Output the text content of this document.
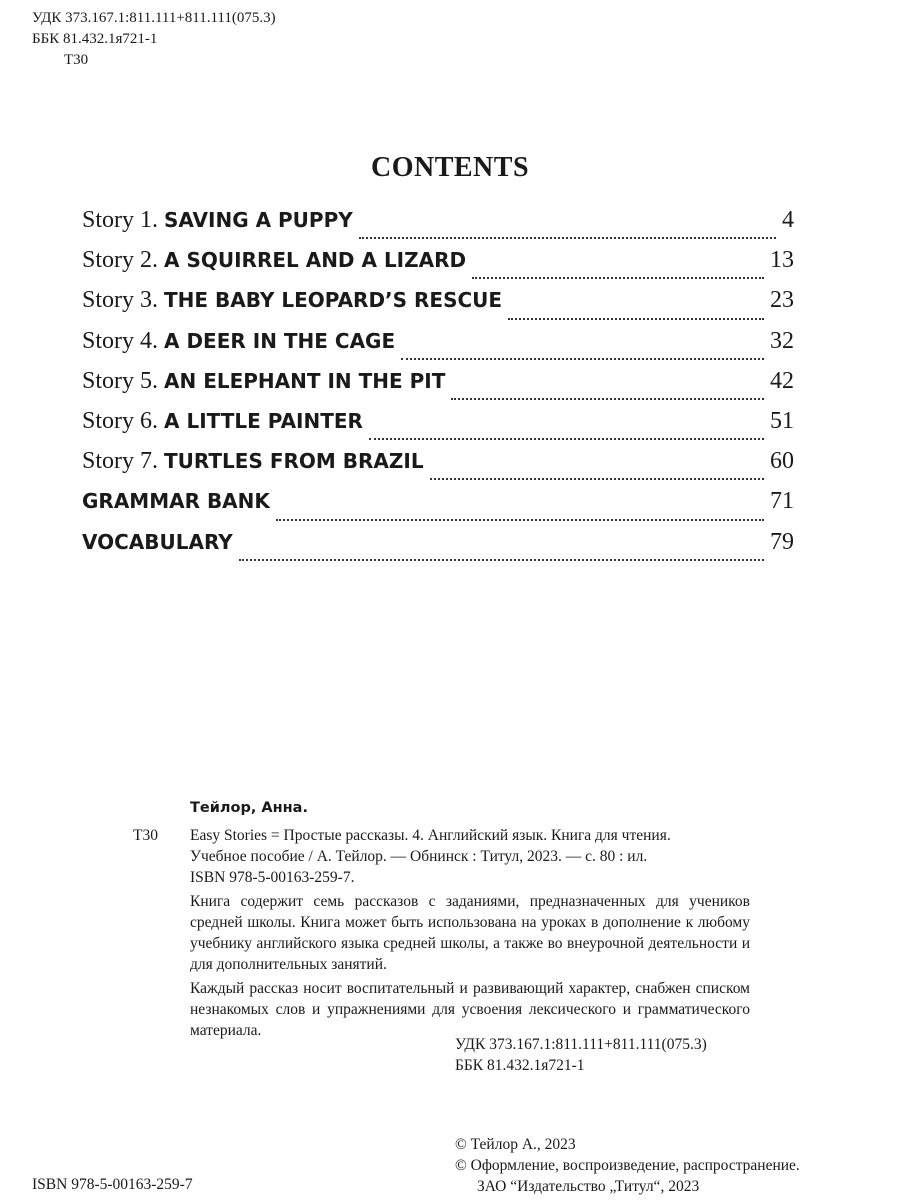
УДК 373.167.1:811.111+811.111(075.3)
ББК 81.432.1я721-1
Т30
CONTENTS
Story 1. SAVING A PUPPY	4
Story 2. A SQUIRREL AND A LIZARD	13
Story 3. THE BABY LEOPARD’S RESCUE	23
Story 4. A DEER IN THE CAGE	32
Story 5. AN ELEPHANT IN THE PIT	42
Story 6. A LITTLE PAINTER	51
Story 7. TURTLES FROM BRAZIL	60
GRAMMAR BANK	71
VOCABULARY	79
Тейлор, Анна.
Т30 Easy Stories = Простые рассказы. 4. Английский язык. Книга для чтения.

Учебное пособие / А. Тейлор. — Обнинск : Титул, 2023. — с. 80 : ил.

ISBN 978-5-00163-259-7.

Книга содержит семь рассказов с заданиями, предназначенных для учеников средней школы. Книга может быть использована на уроках в дополнение к любому учебнику английского языка средней школы, а также во внеурочной деятельности и для дополнительных занятий.

Каждый рассказ носит воспитательный и развивающий характер, снабжен списком незнакомых слов и упражнениями для усвоения лексического и грамматического материала.

УДК 373.167.1:811.111+811.111(075.3)
ББК 81.432.1я721-1
© Тейлор А., 2023
© Оформление, воспроизведение, распространение.
ЗАО “Издательство „Титул“, 2023
ISBN 978-5-00163-259-7
